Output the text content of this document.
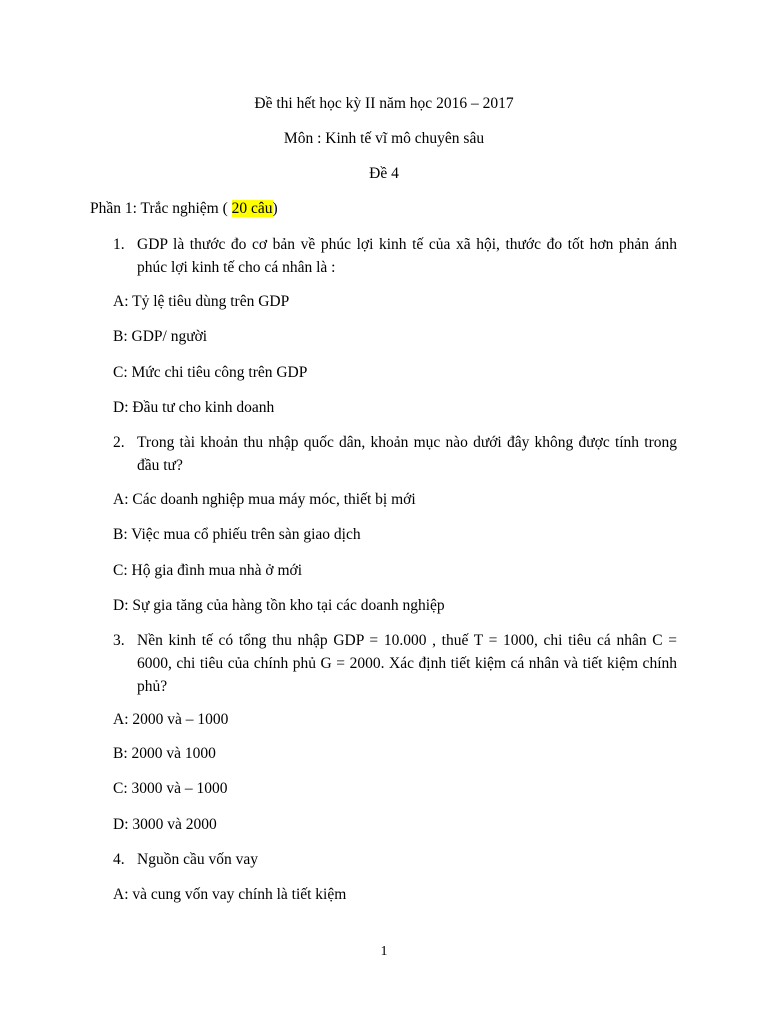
Đề thi hết học kỳ II năm học 2016 – 2017
Môn : Kinh tế vĩ mô chuyên sâu
Đề 4
Phần 1: Trắc nghiệm ( 20 câu)
1. GDP là thước đo cơ bản về phúc lợi kinh tế của xã hội, thước đo tốt hơn phản ánh phúc lợi kinh tế cho cá nhân là :
A: Tỷ lệ tiêu dùng trên GDP
B: GDP/ người
C: Mức chi tiêu công trên GDP
D: Đầu tư cho kinh doanh
2. Trong tài khoản thu nhập quốc dân, khoản mục nào dưới đây không được tính trong đầu tư?
A: Các doanh nghiệp mua máy móc, thiết bị mới
B: Việc mua cổ phiếu trên sàn giao dịch
C: Hộ gia đình mua nhà ở mới
D: Sự gia tăng của hàng tồn kho tại các doanh nghiệp
3. Nền kinh tế có tổng thu nhập GDP = 10.000 , thuế T = 1000, chi tiêu cá nhân C = 6000, chi tiêu của chính phủ G = 2000. Xác định tiết kiệm cá nhân và tiết kiệm chính phủ?
A: 2000 và – 1000
B: 2000 và 1000
C: 3000 và – 1000
D: 3000 và 2000
4. Nguồn cầu vốn vay
A: và cung vốn vay chính là tiết kiệm
1
